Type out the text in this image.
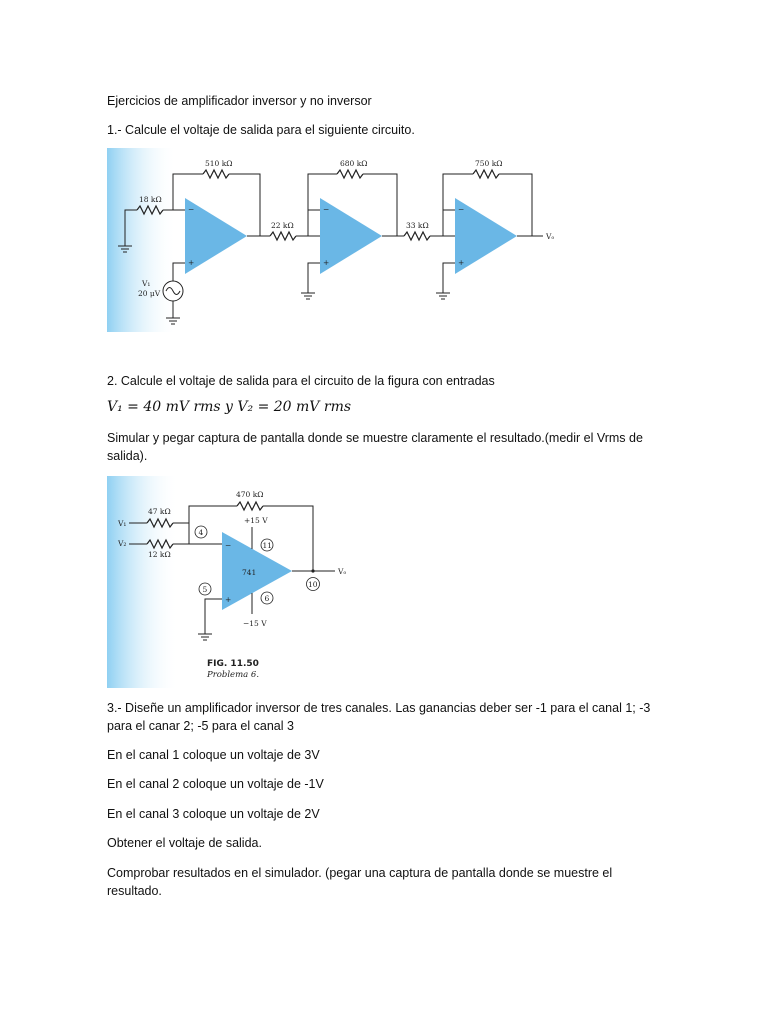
Ejercicios de amplificador inversor y no inversor
1.- Calcule el voltaje de salida para el siguiente circuito.
−
+
18 kΩ
510 kΩ
V₁
20 μV
22 kΩ
−
+
680 kΩ
33 kΩ
−
+
750 kΩ
Vₒ
2. Calcule el voltaje de salida para el circuito de la figura con entradas
V₁ = 40 mV rms y V₂ = 20 mV rms
Simular y pegar captura de pantalla donde se muestre claramente el resultado.(medir el Vrms de salida).
741
−
+
V₁
47 kΩ
V₂
12 kΩ
4
470 kΩ
+15 V
11
10
Vₒ
5
6
−15 V
FIG. 11.50
Problema 6.
3.- Diseñe un amplificador inversor de tres canales. Las ganancias deber ser -1 para el canal 1; -3 para el canar 2; -5 para el canal 3
En el canal 1 coloque un voltaje de 3V
En el canal 2 coloque un voltaje de -1V
En el canal 3 coloque un voltaje de 2V
Obtener el voltaje de salida.
Comprobar resultados en el simulador. (pegar una captura de pantalla donde se muestre el resultado.
